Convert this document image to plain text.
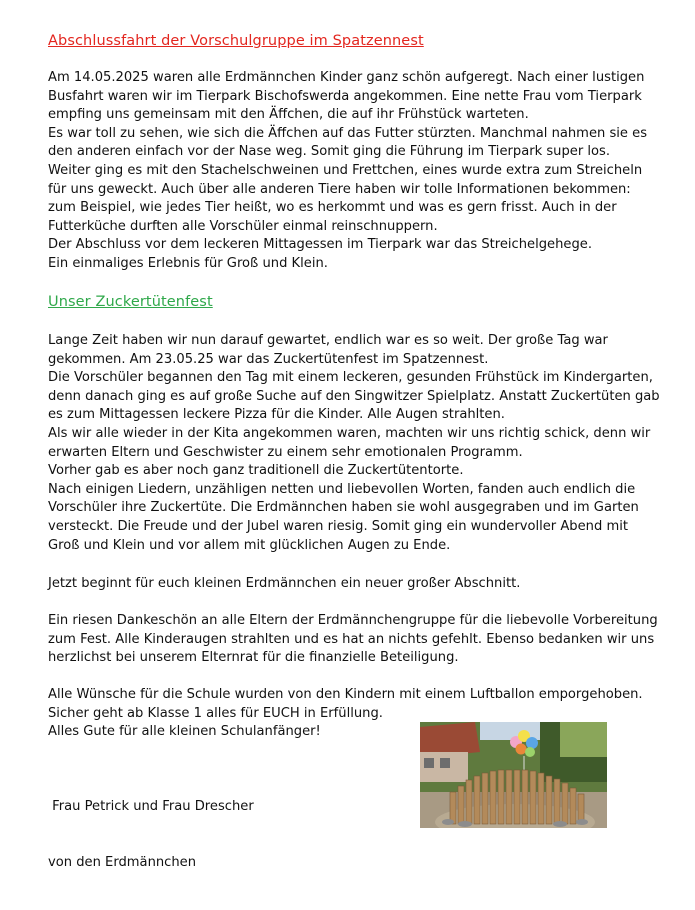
Abschlussfahrt der Vorschulgruppe im Spatzennest
Am 14.05.2025 waren alle Erdmännchen Kinder ganz schön aufgeregt. Nach einer lustigen
Busfahrt waren wir im Tierpark Bischofswerda angekommen. Eine nette Frau vom Tierpark
empfing uns gemeinsam mit den Äffchen, die auf ihr Frühstück warteten.
Es war toll zu sehen, wie sich die Äffchen auf das Futter stürzten. Manchmal nahmen sie es
den anderen einfach vor der Nase weg. Somit ging die Führung im Tierpark super los.
Weiter ging es mit den Stachelschweinen und Frettchen, eines wurde extra zum Streicheln
für uns geweckt. Auch über alle anderen Tiere haben wir tolle Informationen bekommen:
zum Beispiel, wie jedes Tier heißt, wo es herkommt und was es gern frisst. Auch in der
Futterküche durften alle Vorschüler einmal reinschnuppern.
Der Abschluss vor dem leckeren Mittagessen im Tierpark war das Streichelgehege.
Ein einmaliges Erlebnis für Groß und Klein.
Unser Zuckertütenfest
Lange Zeit haben wir nun darauf gewartet, endlich war es so weit. Der große Tag war
gekommen. Am 23.05.25 war das Zuckertütenfest im Spatzennest.
Die Vorschüler begannen den Tag mit einem leckeren, gesunden Frühstück im Kindergarten,
denn danach ging es auf große Suche auf den Singwitzer Spielplatz. Anstatt Zuckertüten gab
es zum Mittagessen leckere Pizza für die Kinder. Alle Augen strahlten.
Als wir alle wieder in der Kita angekommen waren, machten wir uns richtig schick, denn wir
erwarten Eltern und Geschwister zu einem sehr emotionalen Programm.
Vorher gab es aber noch ganz traditionell die Zuckertütentorte.
Nach einigen Liedern, unzähligen netten und liebevollen Worten, fanden auch endlich die
Vorschüler ihre Zuckertüte. Die Erdmännchen haben sie wohl ausgegraben und im Garten
versteckt. Die Freude und der Jubel waren riesig. Somit ging ein wundervoller Abend mit
Groß und Klein und vor allem mit glücklichen Augen zu Ende.
Jetzt beginnt für euch kleinen Erdmännchen ein neuer großer Abschnitt.
Ein riesen Dankeschön an alle Eltern der Erdmännchengruppe für die liebevolle Vorbereitung
zum Fest. Alle Kinderaugen strahlten und es hat an nichts gefehlt. Ebenso bedanken wir uns
herzlichst bei unserem Elternrat für die finanzielle Beteiligung.
Alle Wünsche für die Schule wurden von den Kindern mit einem Luftballon emporgehoben.
Sicher geht ab Klasse 1 alles für EUCH in Erfüllung.
Alles Gute für alle kleinen Schulanfänger!

Frau Petrick und Frau Drescher

von den Erdmännchen
